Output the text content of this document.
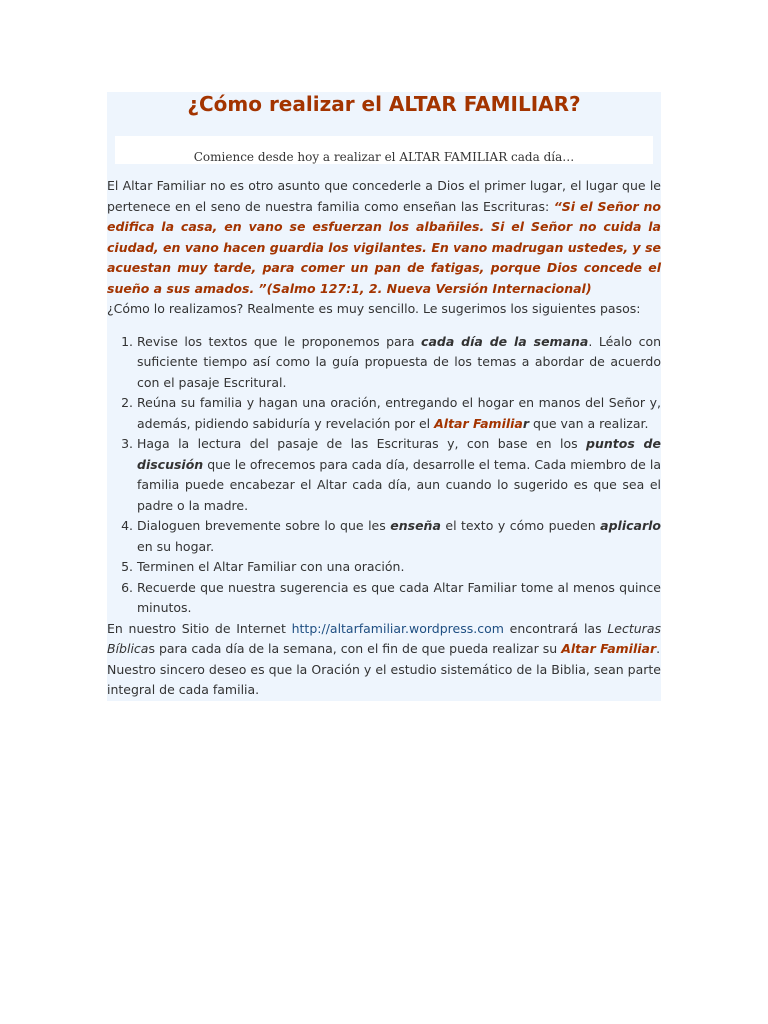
¿Cómo realizar el ALTAR FAMILIAR?
Comience desde hoy a realizar el ALTAR FAMILIAR cada día…

El Altar Familiar no es otro asunto que concederle a Dios el primer lugar, el lugar que le pertenece en el seno de nuestra familia como enseñan las Escrituras: “Si el Señor no edifica la casa, en vano se esfuerzan los albañiles. Si el Señor no cuida la ciudad, en vano hacen guardia los vigilantes. En vano madrugan ustedes, y se acuestan muy tarde, para comer un pan de fatigas, porque Dios concede el sueño a sus amados. ”(Salmo 127:1, 2. Nueva Versión Internacional)

¿Cómo lo realizamos? Realmente es muy sencillo. Le sugerimos los siguientes pasos:

1. Revise los textos que le proponemos para cada día de la semana. Léalo con suficiente tiempo así como la guía propuesta de los temas a abordar de acuerdo con el pasaje Escritural.
2. Reúna su familia y hagan una oración, entregando el hogar en manos del Señor y, además, pidiendo sabiduría y revelación por el Altar Familiar que van a realizar.
3. Haga la lectura del pasaje de las Escrituras y, con base en los puntos de discusión que le ofrecemos para cada día, desarrolle el tema. Cada miembro de la familia puede encabezar el Altar cada día, aun cuando lo sugerido es que sea el padre o la madre.
4. Dialoguen brevemente sobre lo que les enseña el texto y cómo pueden aplicarlo en su hogar.
5. Terminen el Altar Familiar con una oración.
6. Recuerde que nuestra sugerencia es que cada Altar Familiar tome al menos quince minutos.

En nuestro Sitio de Internet http://altarfamiliar.wordpress.com encontrará las Lecturas Bíblicas para cada día de la semana, con el fin de que pueda realizar su Altar Familiar.

Nuestro sincero deseo es que la Oración y el estudio sistemático de la Biblia, sean parte integral de cada familia.
